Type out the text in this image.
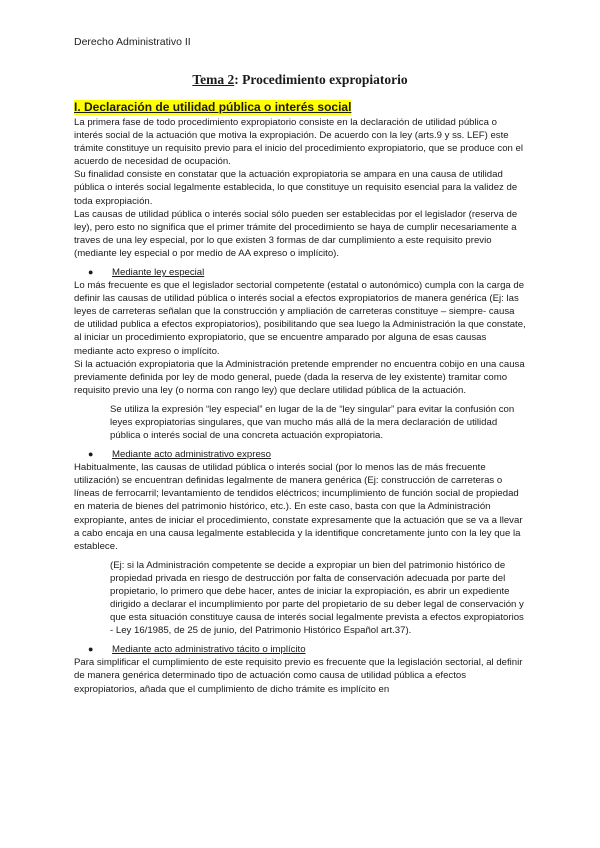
Derecho Administrativo II
Tema 2: Procedimiento expropiatorio
I. Declaración de utilidad pública o interés social

La primera fase de todo procedimiento expropiatorio consiste en la declaración de utilidad pública o interés social de la actuación que motiva la expropiación. De acuerdo con la ley (arts.9 y ss. LEF) este trámite constituye un requisito previo para el inicio del procedimiento expropiatorio, que se produce con el acuerdo de necesidad de ocupación.

Su finalidad consiste en constatar que la actuación expropiatoria se ampara en una causa de utilidad pública o interés social legalmente establecida, lo que constituye un requisito esencial para la validez de toda expropiación.

Las causas de utilidad pública o interés social sólo pueden ser establecidas por el legislador (reserva de ley), pero esto no significa que el primer trámite del procedimiento se haya de cumplir necesariamente a traves de una ley especial, por lo que existen 3 formas de dar cumplimiento a este requisito previo (mediante ley especial o por medio de AA expreso o implícito).

●	Mediante ley especial

Lo más frecuente es que el legislador sectorial competente (estatal o autonómico) cumpla con la carga de definir las causas de utilidad pública o interés social a efectos expropiatorios de manera genérica (Ej: las leyes de carreteras señalan que la construcción y ampliación de carreteras constituye – siempre- causa de utilidad publica a efectos expropiatorios), posibilitando que sea luego la Administración la que constate, al iniciar un procedimiento expropiatorio, que se encuentre amparado por alguna de esas causas mediante acto expreso o implícito.

Si la actuación expropiatoria que la Administración pretende emprender no encuentra cobijo en una causa previamente definida por ley de modo general, puede (dada la reserva de ley existente) tramitar como requisito previo una ley (o norma con rango ley) que declare utilidad pública de la actuación.

Se utiliza la expresión “ley especial” en lugar de la de “ley singular” para evitar la confusión con leyes expropiatorias singulares, que van mucho más allá de la mera declaración de utilidad pública o interés social de una concreta actuación expropiatoria.

●	Mediante acto administrativo expreso

Habitualmente, las causas de utilidad pública o interés social (por lo menos las de más frecuente utilización) se encuentran definidas legalmente de manera genérica (Ej: construcción de carreteras o líneas de ferrocarril; levantamiento de tendidos eléctricos; incumplimiento de función social de propiedad en materia de bienes del patrimonio histórico, etc.). En este caso, basta con que la Administración expropiante, antes de iniciar el procedimiento, constate expresamente que la actuación que se va a llevar a cabo encaja en una causa legalmente establecida y la identifique concretamente junto con la ley que la establece.

(Ej: si la Administración competente se decide a expropiar un bien del patrimonio histórico de propiedad privada en riesgo de destrucción por falta de conservación adecuada por parte del propietario, lo primero que debe hacer, antes de iniciar la expropiación, es abrir un expediente dirigido a declarar el incumplimiento por parte del propietario de su deber legal de conservación y que esta situación constituye causa de interés social legalmente prevista a efectos expropiatorios - Ley 16/1985, de 25 de junio, del Patrimonio Histórico Español art.37).

●	Mediante acto administrativo tácito o implícito

Para simplificar el cumplimiento de este requisito previo es frecuente que la legislación sectorial, al definir de manera genérica determinado tipo de actuación como causa de utilidad pública a efectos expropiatorios, añada que el cumplimiento de dicho trámite es implícito en
